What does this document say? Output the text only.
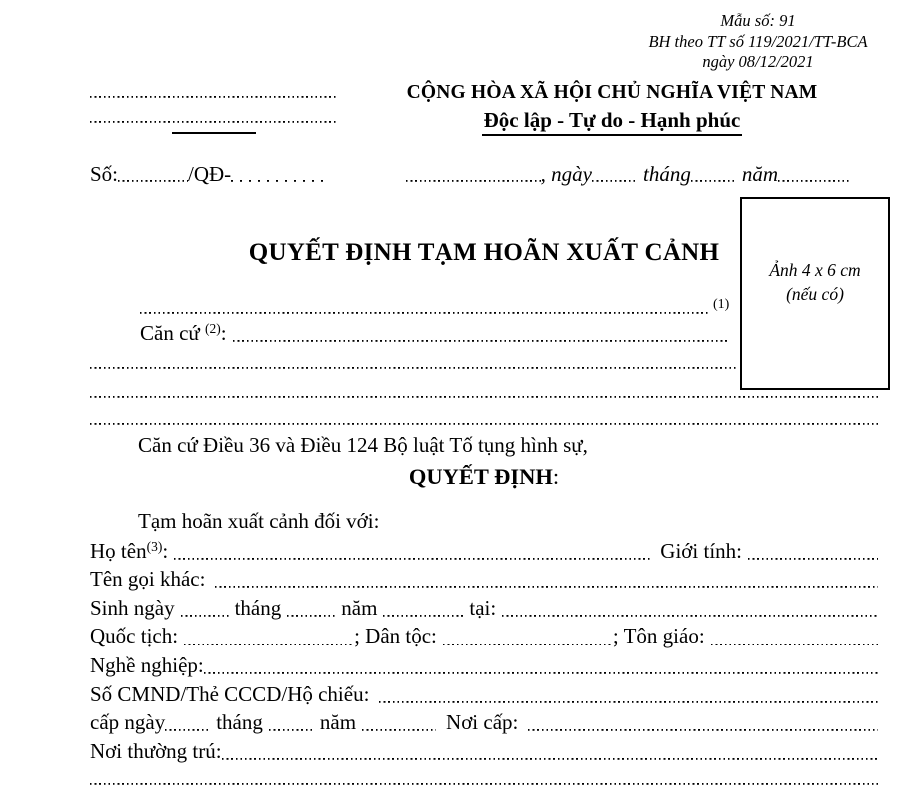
Ảnh 4 x 6 cm
(nếu có)
Mẫu số: 91
BH theo TT số 119/2021/TT-BCA
ngày 08/12/2021
CỘNG HÒA XÃ HỘI CHỦ NGHĨA VIỆT NAM
Độc lập - Tự do - Hạnh phúc
Số:	/QĐ-	, ngày tháng năm
QUYẾT ĐỊNH TẠM HOÃN XUẤT CẢNH
(1)
Căn cứ $^{(2)}$:
Căn cứ Điều 36 và Điều 124 Bộ luật Tố tụng hình sự,
QUYẾT ĐỊNH:
Tạm hoãn xuất cảnh đối với:
Họ tên$^{(3)}$:	Giới tính:
Tên gọi khác:
Sinh ngày	tháng	năm	tại:
Quốc tịch:	; Dân tộc:	; Tôn giáo:
Nghề nghiệp:
Số CMND/Thẻ CCCD/Hộ chiếu:
cấp ngày tháng	năm	Nơi cấp:
Nơi thường trú:
